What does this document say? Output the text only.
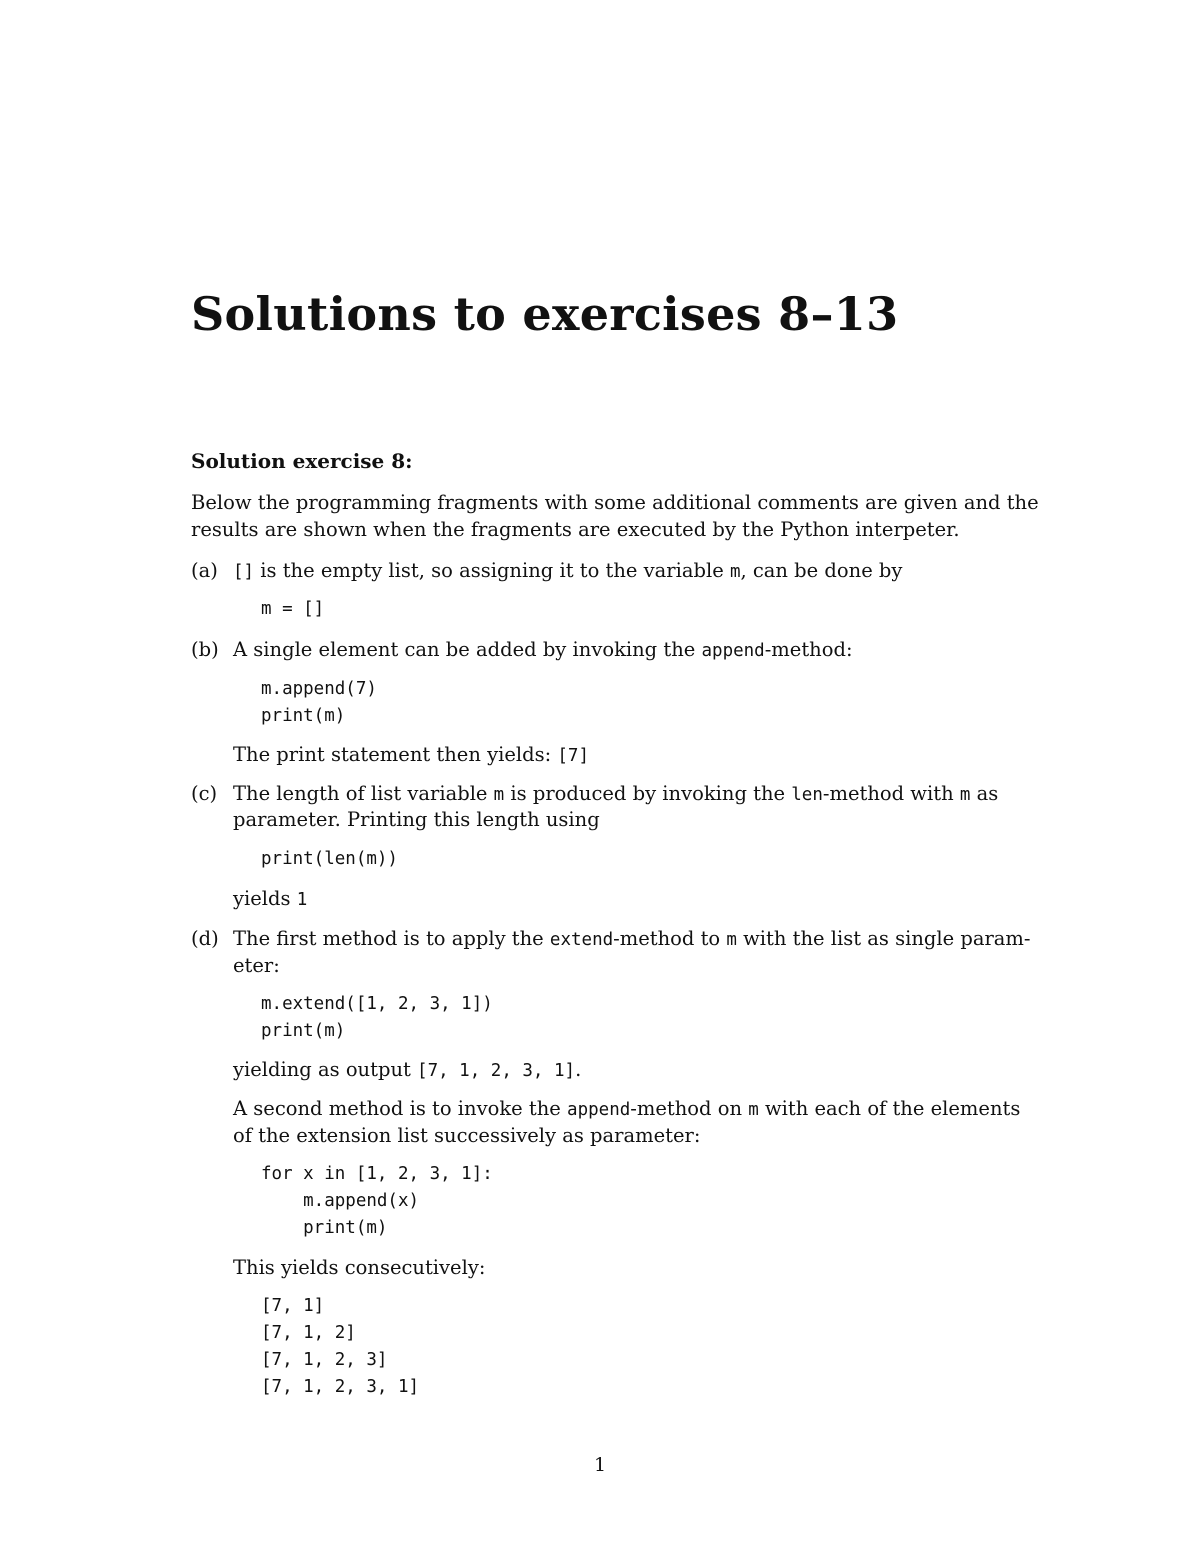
Solutions to exercises 8–13
Solution exercise 8:

Below the programming fragments with some additional comments are given and the
results are shown when the fragments are executed by the Python interpeter.

(a) [] is the empty list, so assigning it to the variable m, can be done by
m = []
(b) A single element can be added by invoking the append-method:
m.append(7)
print(m)
The print statement then yields: [7]
(c) The length of list variable m is produced by invoking the len-method with m as
parameter. Printing this length using
print(len(m))
yields 1
(d) The first method is to apply the extend-method to m with the list as single param-
eter:
m.extend([1, 2, 3, 1])
print(m)
yielding as output [7, 1, 2, 3, 1].
A second method is to invoke the append-method on m with each of the elements
of the extension list successively as parameter:
for x in [1, 2, 3, 1]:
m.append(x)
print(m)
This yields consecutively:
[7, 1]
[7, 1, 2]
[7, 1, 2, 3]
[7, 1, 2, 3, 1]
1
